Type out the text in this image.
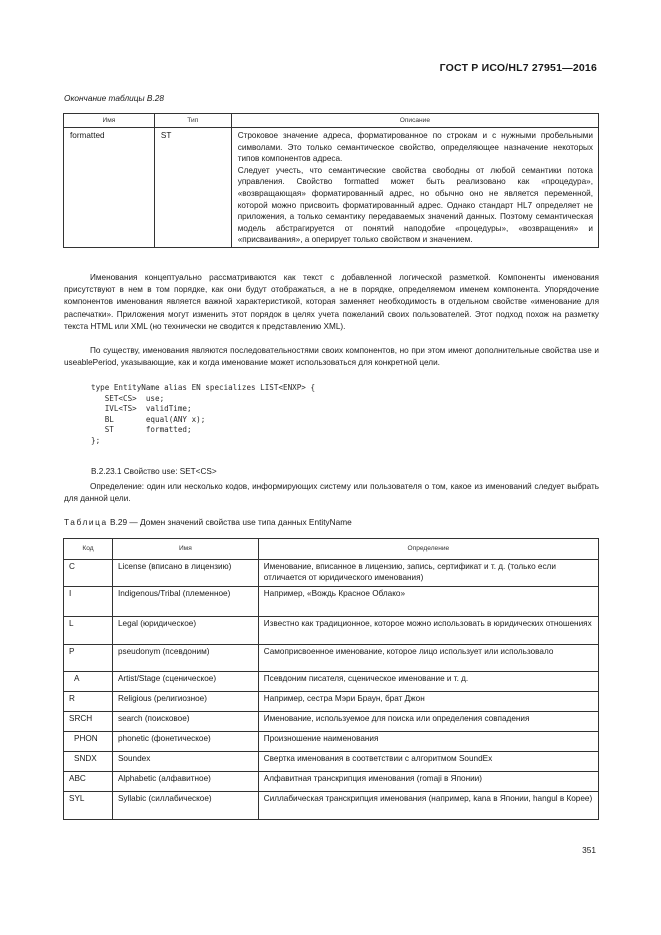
ГОСТ Р ИСО/HL7 27951—2016
Окончание таблицы В.28
Имя	Тип	Описание
formatted	ST	Строковое значение адреса, форматированное по строкам и с нужными пробельными символами. Это только семантическое свойство, определяющее назначение некоторых типов компонентов адреса.

Следует учесть, что семантические свойства свободны от любой семантики потока управления. Свойство formatted может быть реализовано как «процедура», «возвращающая» форматированный адрес, но обычно оно не является переменной, которой можно присвоить форматированный адрес. Однако стандарт HL7 определяет не приложения, а только семантику передаваемых значений данных. Поэтому семантическая модель абстрагируется от понятий наподобие «процедуры», «возвращения» и «присваивания», а оперирует только свойством и значением.

Именования концептуально рассматриваются как текст с добавленной логической разметкой. Компоненты именования присутствуют в нем в том порядке, как они будут отображаться, а не в порядке, определяемом именем компонента. Упорядочение компонентов именования является важной характеристикой, которая заменяет необходимость в отдельном свойстве «именование для распечатки». Приложения могут изменить этот порядок в целях учета пожеланий своих пользователей. Этот подход похож на разметку текста HTML или XML (но технически не сводится к представлению XML).

По существу, именования являются последовательностями своих компонентов, но при этом имеют дополнительные свойства use и useablePeriod, указывающие, как и когда именование может использоваться для конкретной цели.

type EntityName alias EN specializes LIST<ENXP> {
SET<CS>  use;
IVL<TS>  validTime;
BL       equal(ANY x);
ST       formatted;
};
B.2.23.1 Свойство use: SET<CS>

Определение: один или несколько кодов, информирующих систему или пользователя о том, какое из именований следует выбрать для данной цели.

Таблица B.29 — Домен значений свойства use типа данных EntityName
Код	Имя	Определение
C	License (вписано в лицензию)	Именование, вписанное в лицензию, запись, сертификат и т. д. (только если отличается от юридического именования)
I	Indigenous/Tribal (племенное)	Например, «Вождь Красное Облако»
L	Legal (юридическое)	Известно как традиционное, которое можно использовать в юридических отношениях
P	pseudonym (псевдоним)	Самоприсвоенное именование, которое лицо использует или использовало
A	Artist/Stage (сценическое)	Псевдоним писателя, сценическое именование и т. д.
R	Religious (религиозное)	Например, сестра Мэри Браун, брат Джон
SRCH	search (поисковое)	Именование, используемое для поиска или определения совпадения
PHON	phonetic (фонетическое)	Произношение наименования
SNDX	Soundex	Свертка именования в соответствии с алгоритмом SoundEx
ABC	Alphabetic (алфавитное)	Алфавитная транскрипция именования (romaji в Японии)
SYL	Syllabic (силлабическое)	Силлабическая транскрипция именования (например, kana в Японии, hangul в Корее)
351
